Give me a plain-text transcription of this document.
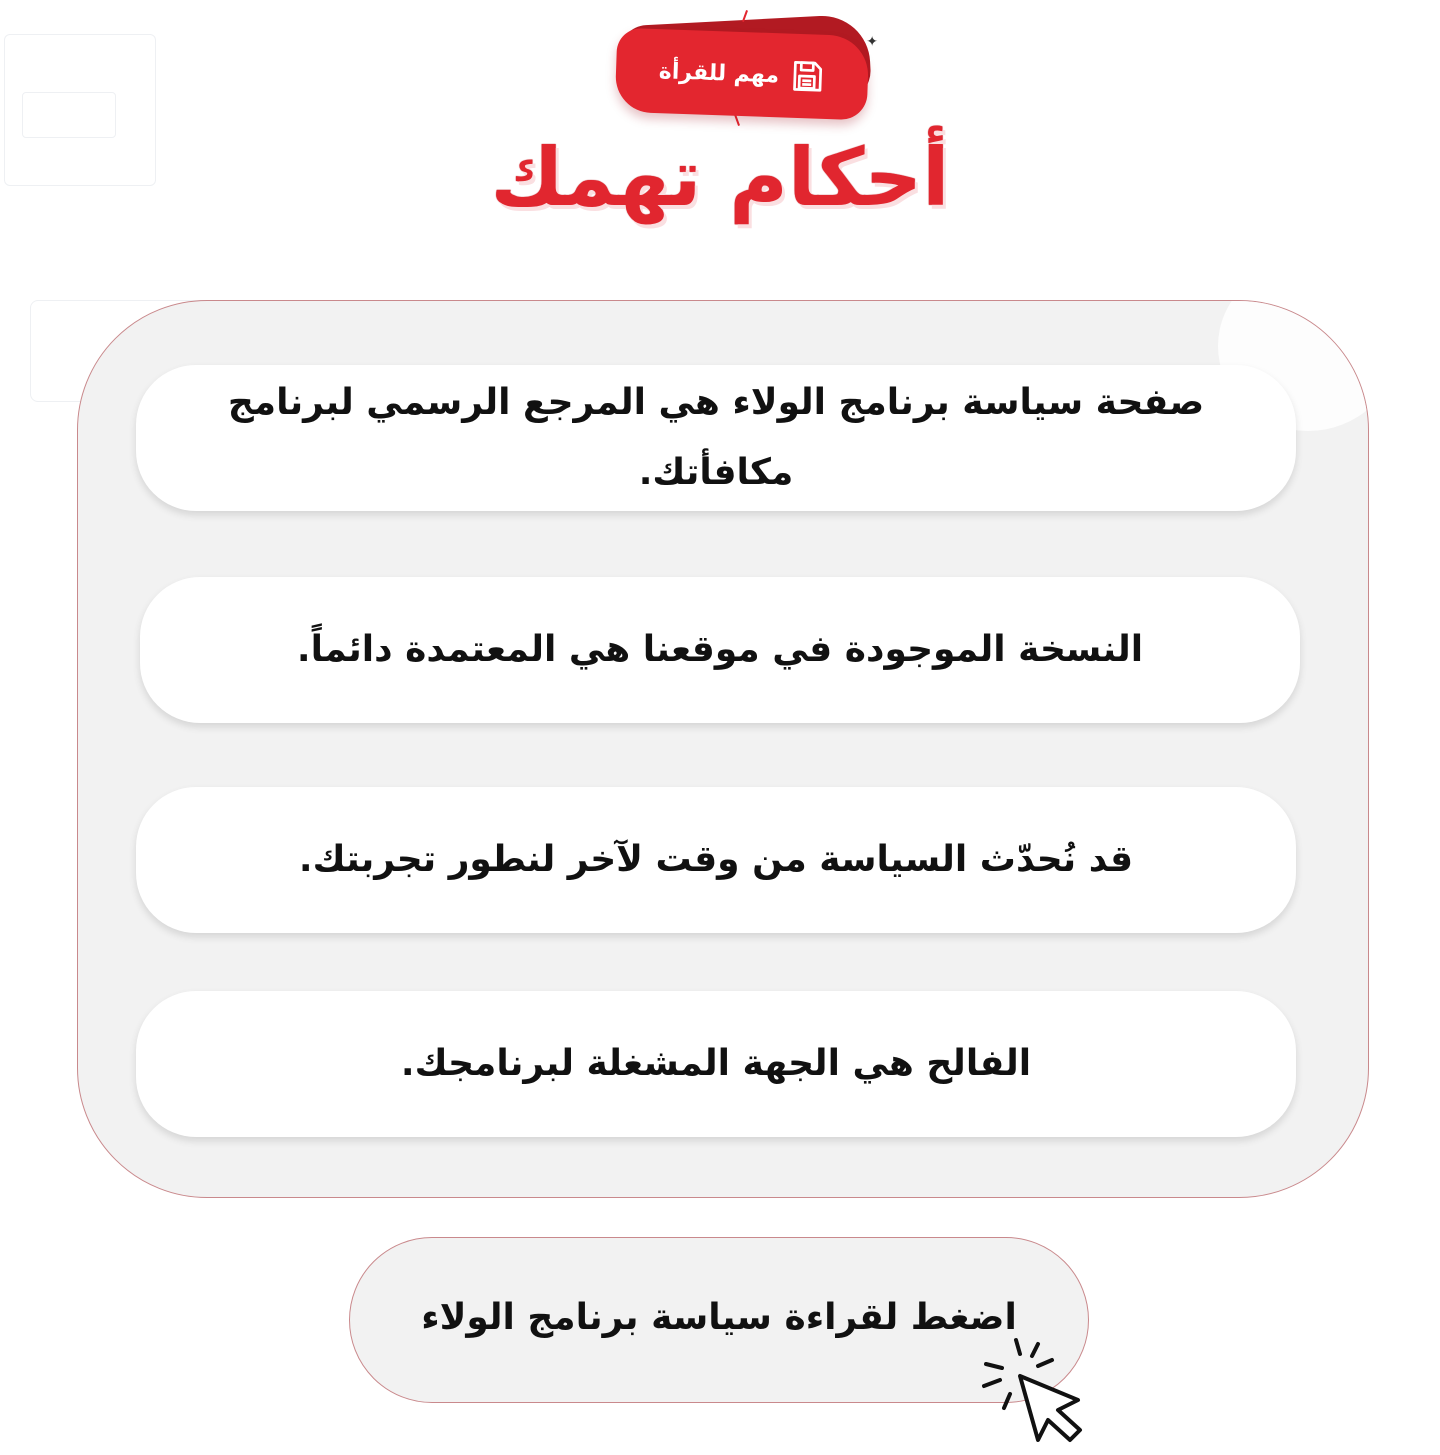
✦
مهم للقرأة
أحكام تهمك
صفحة سياسة برنامج الولاء هي المرجع الرسمي لبرنامج مكافأتك.
النسخة الموجودة في موقعنا هي المعتمدة دائماً.
قد نُحدّث السياسة من وقت لآخر لنطور تجربتك.
الفالح هي الجهة المشغلة لبرنامجك.
اضغط لقراءة سياسة برنامج الولاء
